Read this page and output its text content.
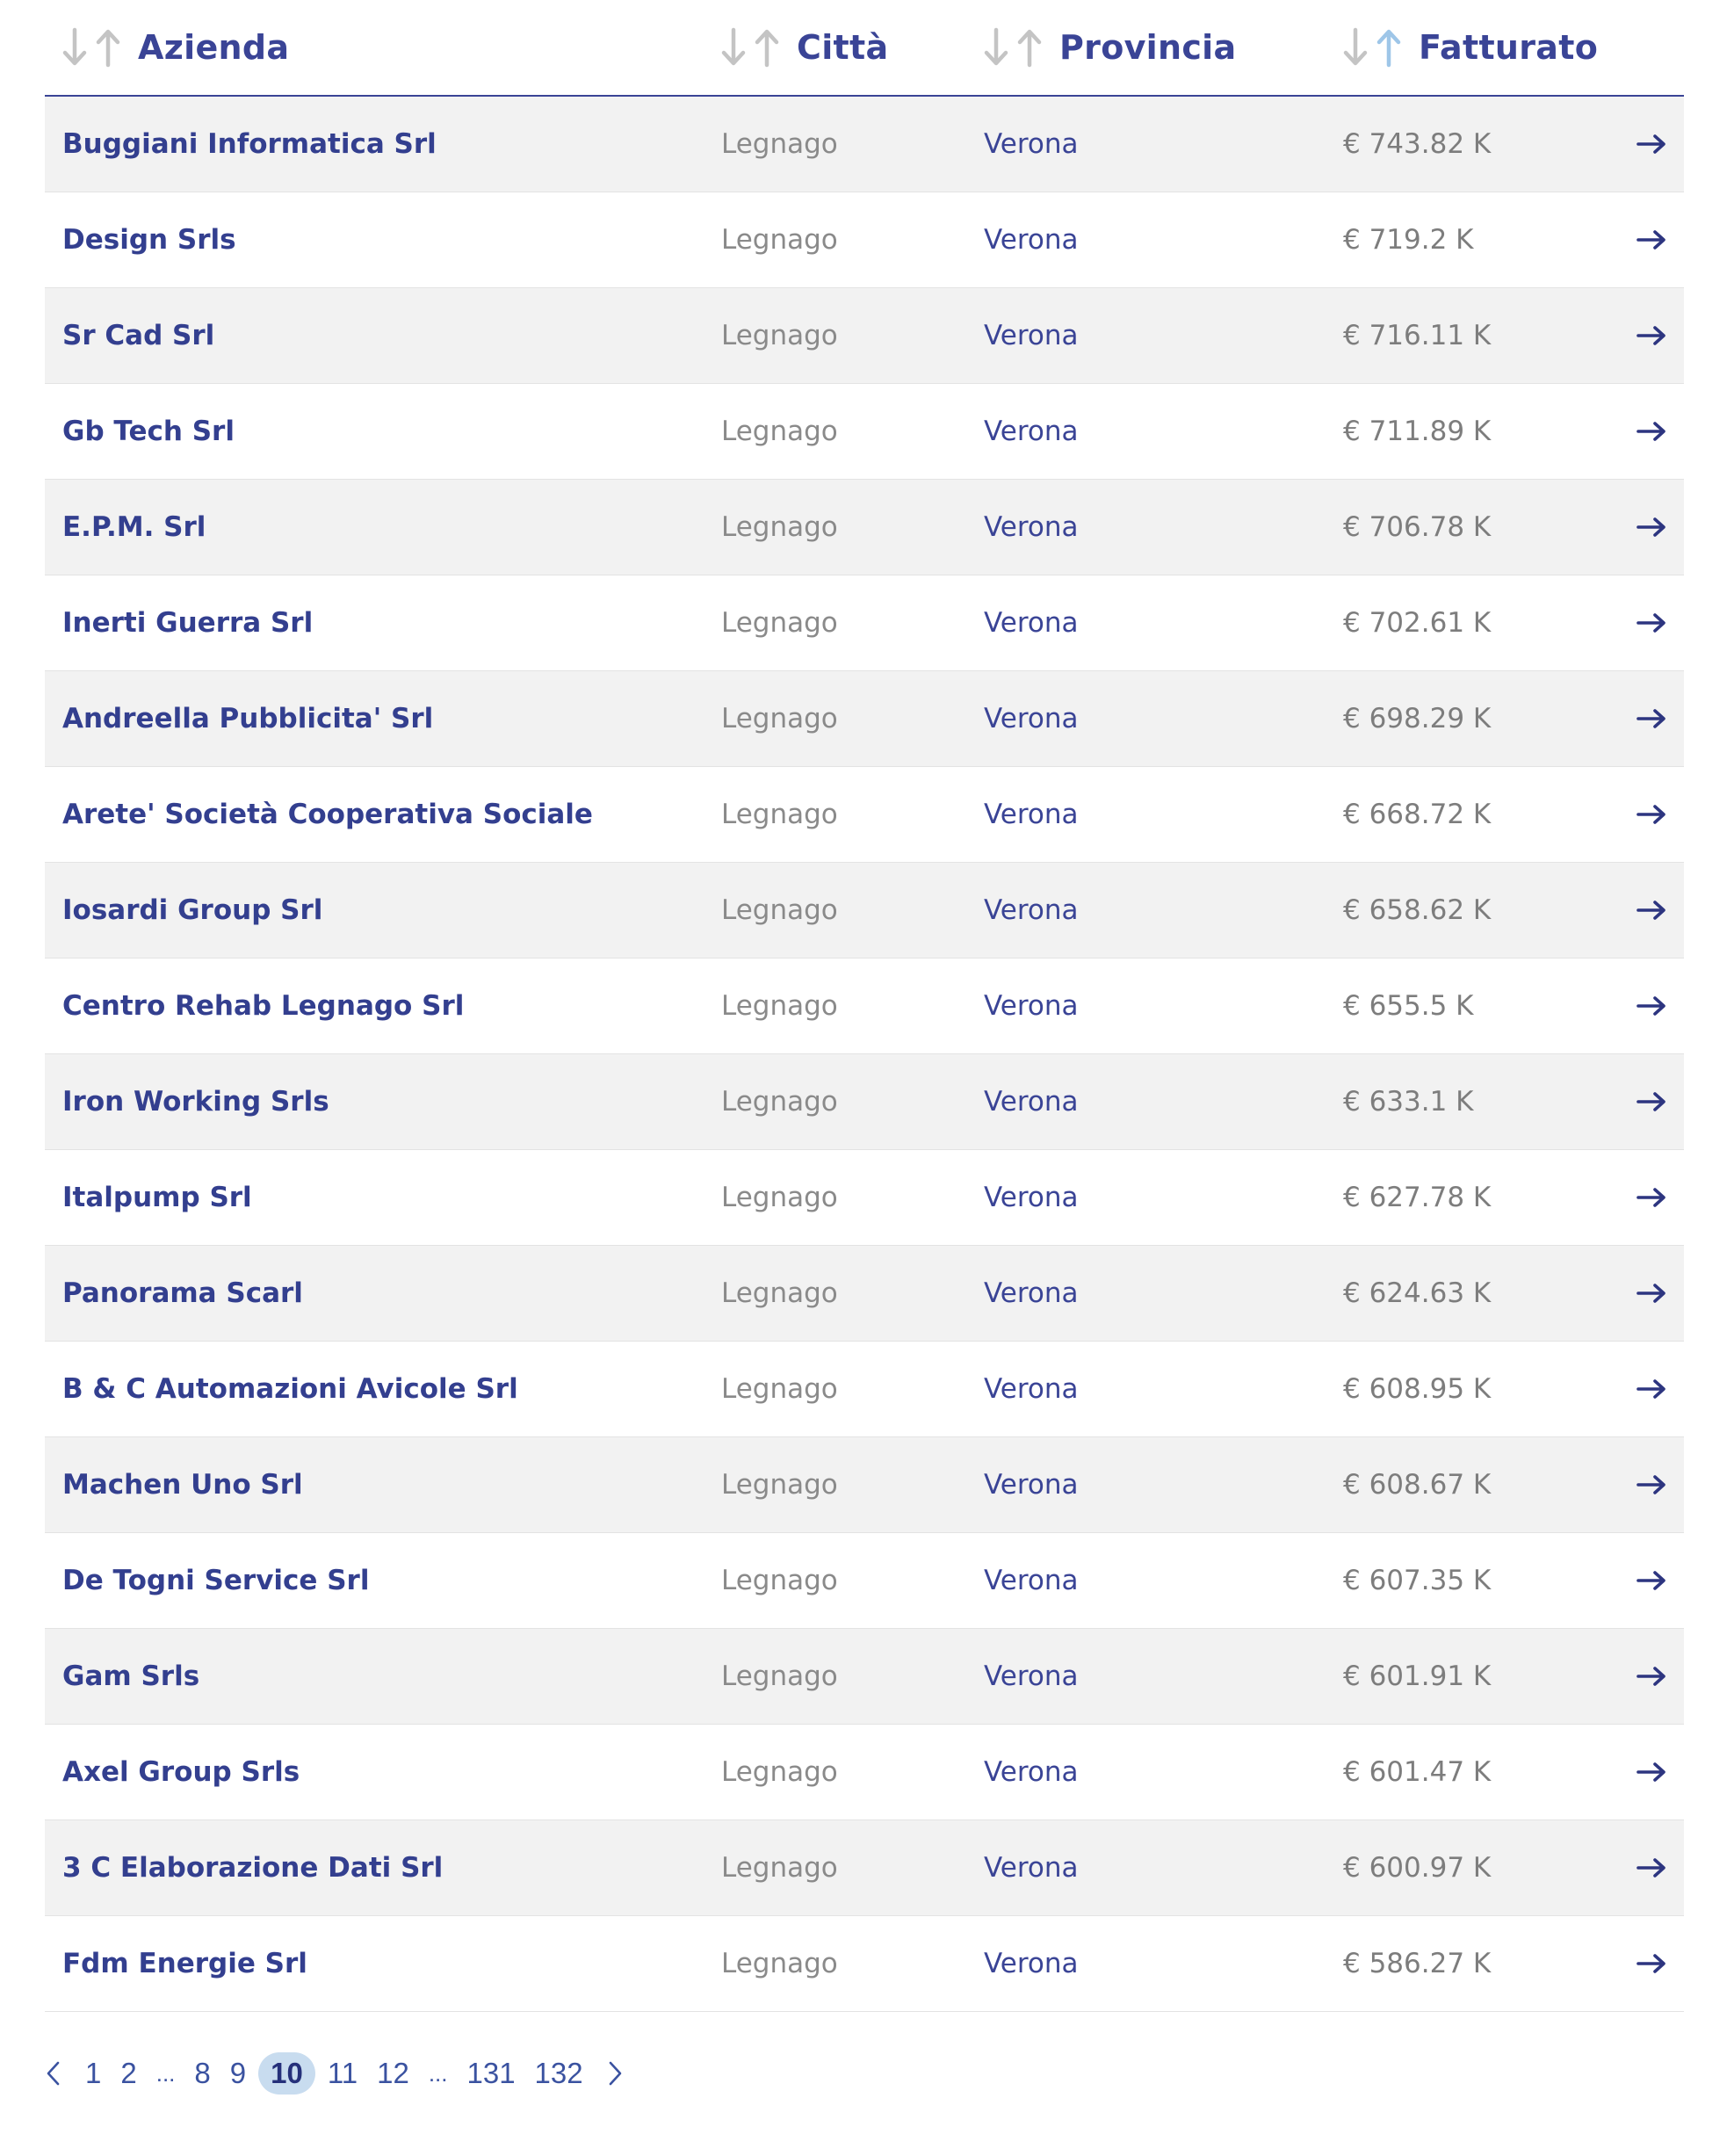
Azienda	Città	Provincia	Fatturato
Buggiani Informatica Srl	Legnago	Verona	€ 743.82 K
Design Srls	Legnago	Verona	€ 719.2 K
Sr Cad Srl	Legnago	Verona	€ 716.11 K
Gb Tech Srl	Legnago	Verona	€ 711.89 K
E.P.M. Srl	Legnago	Verona	€ 706.78 K
Inerti Guerra Srl	Legnago	Verona	€ 702.61 K
Andreella Pubblicita' Srl	Legnago	Verona	€ 698.29 K
Arete' Società Cooperativa Sociale	Legnago	Verona	€ 668.72 K
Iosardi Group Srl	Legnago	Verona	€ 658.62 K
Centro Rehab Legnago Srl	Legnago	Verona	€ 655.5 K
Iron Working Srls	Legnago	Verona	€ 633.1 K
Italpump Srl	Legnago	Verona	€ 627.78 K
Panorama Scarl	Legnago	Verona	€ 624.63 K
B & C Automazioni Avicole Srl	Legnago	Verona	€ 608.95 K
Machen Uno Srl	Legnago	Verona	€ 608.67 K
De Togni Service Srl	Legnago	Verona	€ 607.35 K
Gam Srls	Legnago	Verona	€ 601.91 K
Axel Group Srls	Legnago	Verona	€ 601.47 K
3 C Elaborazione Dati Srl	Legnago	Verona	€ 600.97 K
Fdm Energie Srl	Legnago	Verona	€ 586.27 K
1 2 ... 8 9 10 11 12 ... 131 132
